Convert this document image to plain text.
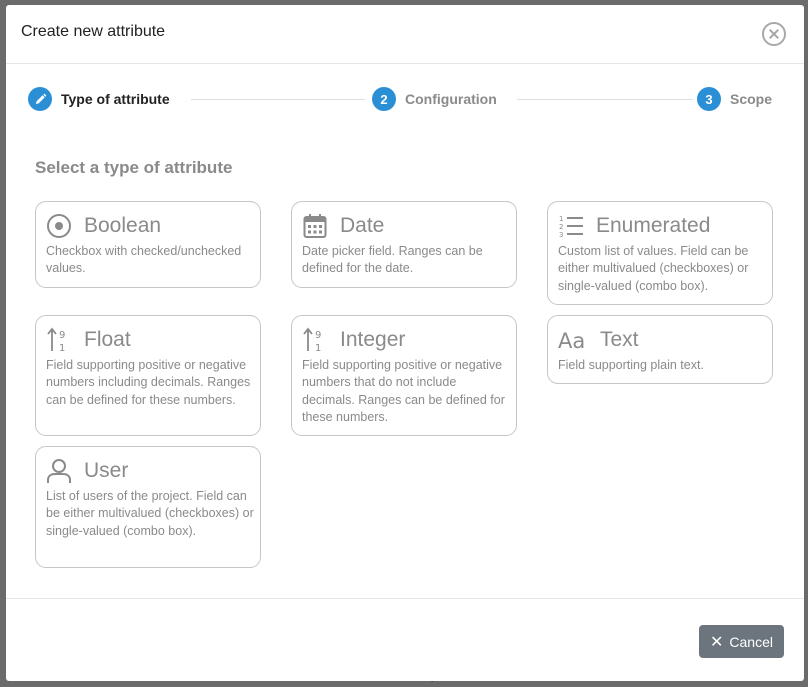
Create new attribute
Type of attribute	2	Configuration	3	Scope
Select a type of attribute
Boolean
Checkbox with checked/unchecked values.
Date
Date picker field. Ranges can be defined for the date.
1
2
3 Enumerated
Custom list of values. Field can be either multivalued (checkboxes) or single-valued (combo box).
9
1 Float
Field supporting positive or negative numbers including decimals. Ranges can be defined for these numbers.
9
1 Integer
Field supporting positive or negative numbers that do not include decimals. Ranges can be defined for these numbers.
Aa Text
Field supporting plain text.
User
List of users of the project. Field can be either multivalued (checkboxes) or single-valued (combo box).
✕ Cancel
